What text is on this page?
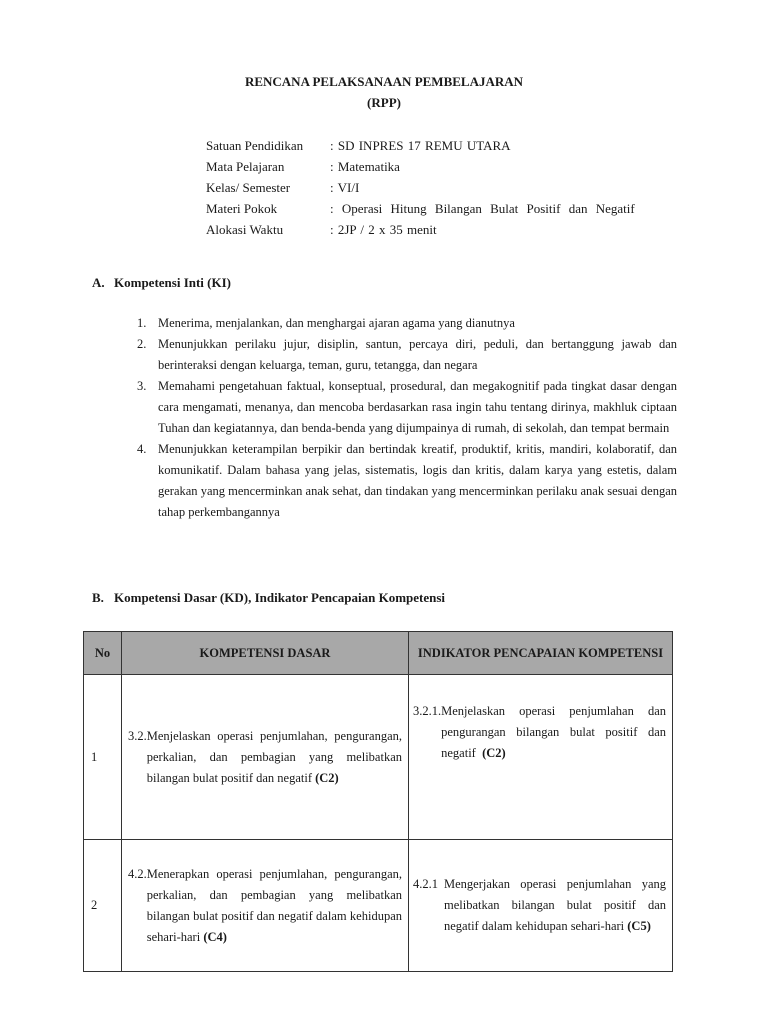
RENCANA PELAKSANAAN PEMBELAJARAN
(RPP)
Satuan Pendidikan	: SD INPRES 17 REMU UTARA
Mata Pelajaran	: Matematika
Kelas/ Semester	: VI/I
Materi Pokok	: Operasi Hitung Bilangan Bulat Positif dan Negatif
Alokasi Waktu	: 2JP / 2 x 35 menit
A. Kompetensi Inti (KI)
1. Menerima, menjalankan, dan menghargai ajaran agama yang dianutnya
2. Menunjukkan perilaku jujur, disiplin, santun, percaya diri, peduli, dan bertanggung jawab dan berinteraksi dengan keluarga, teman, guru, tetangga, dan negara
3. Memahami pengetahuan faktual, konseptual, prosedural, dan megakognitif pada tingkat dasar dengan cara mengamati, menanya, dan mencoba berdasarkan rasa ingin tahu tentang dirinya, makhluk ciptaan Tuhan dan kegiatannya, dan benda-benda yang dijumpainya di rumah, di sekolah, dan tempat bermain
4. Menunjukkan keterampilan berpikir dan bertindak kreatif, produktif, kritis, mandiri, kolaboratif, dan komunikatif. Dalam bahasa yang jelas, sistematis, logis dan kritis, dalam karya yang estetis, dalam gerakan yang mencerminkan anak sehat, dan tindakan yang mencerminkan perilaku anak sesuai dengan tahap perkembangannya
B. Kompetensi Dasar (KD), Indikator Pencapaian Kompetensi
No	KOMPETENSI DASAR	INDIKATOR PENCAPAIAN KOMPETENSI
1	3.2. Menjelaskan operasi penjumlahan, pengurangan, perkalian, dan pembagian yang melibatkan bilangan bulat positif dan negatif (C2)	3.2.1. Menjelaskan operasi penjumlahan dan pengurangan bilangan bulat positif dan negatif (C2)

2	4.2. Menerapkan operasi penjumlahan, pengurangan, perkalian, dan pembagian yang melibatkan bilangan bulat positif dan negatif dalam kehidupan sehari-hari (C4)	4.2.1 Mengerjakan operasi penjumlahan yang melibatkan bilangan bulat positif dan negatif dalam kehidupan sehari-hari (C5)
